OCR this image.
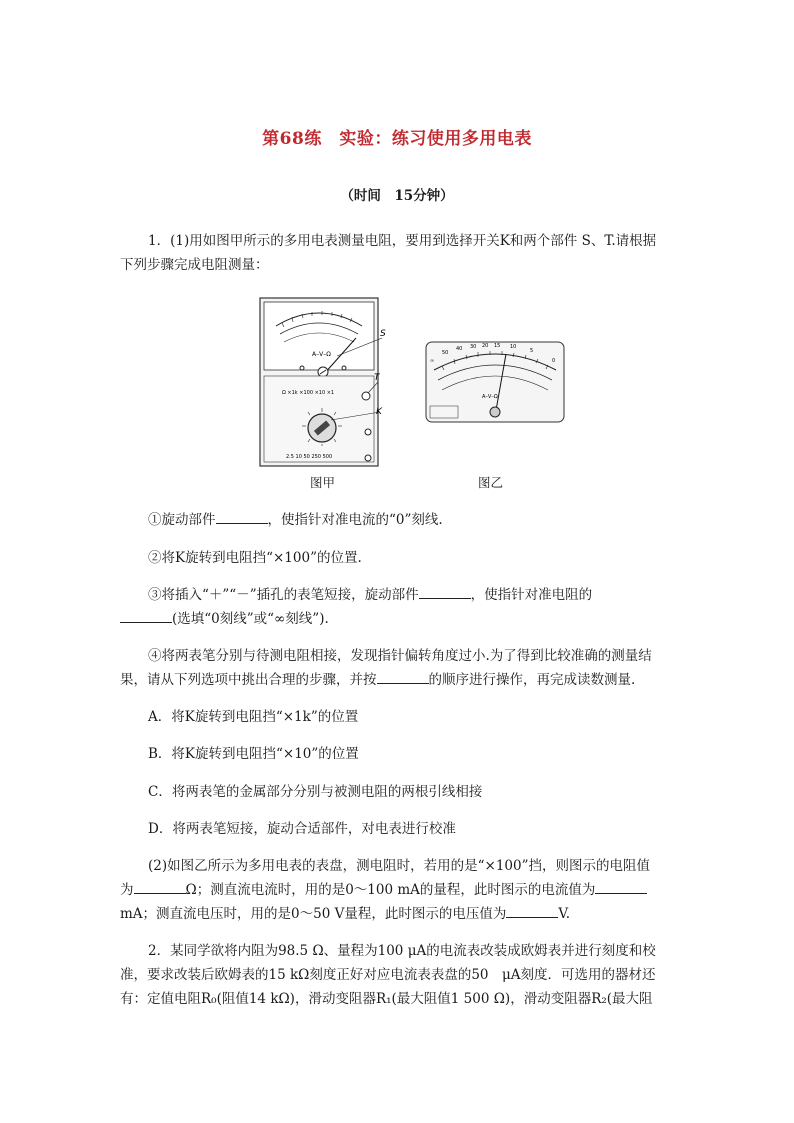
第68练　实验：练习使用多用电表
（时间　15分钟）
1．(1)用如图甲所示的多用电表测量电阻，要用到选择开关K和两个部件 S、T.请根据
下列步骤完成电阻测量：
A–V–Ω
Ω ×1k ×100 ×10 ×1
2.5 10 50 250 500
S
T
K
图甲
50
40 30 20 15 10
5
0
∞
A–V–Ω
图乙
①旋动部件	，使指针对准电流的“0”刻线.
②将K旋转到电阻挡“×100”的位置.
③将插入“＋”“－”插孔的表笔短接，旋动部件	，使指针对准电阻的
(选填“0刻线”或“∞刻线”).
④将两表笔分别与待测电阻相接，发现指针偏转角度过小.为了得到比较准确的测量结
果，请从下列选项中挑出合理的步骤，并按	的顺序进行操作，再完成读数测量.
A．将K旋转到电阻挡“×1k”的位置
B．将K旋转到电阻挡“×10”的位置
C．将两表笔的金属部分分别与被测电阻的两根引线相接
D．将两表笔短接，旋动合适部件，对电表进行校准
(2)如图乙所示为多用电表的表盘，测电阻时，若用的是“×100”挡，则图示的电阻值
为	Ω；测直流电流时，用的是0～100 mA的量程，此时图示的电流值为
mA；测直流电压时，用的是0～50 V量程，此时图示的电压值为	V.
2．某同学欲将内阻为98.5 Ω、量程为100 μA的电流表改装成欧姆表并进行刻度和校
准，要求改装后欧姆表的15 kΩ刻度正好对应电流表表盘的50　μA刻度．可选用的器材还
有：定值电阻R₀(阻值14 kΩ)，滑动变阻器R₁(最大阻值1 500 Ω)，滑动变阻器R₂(最大阻
